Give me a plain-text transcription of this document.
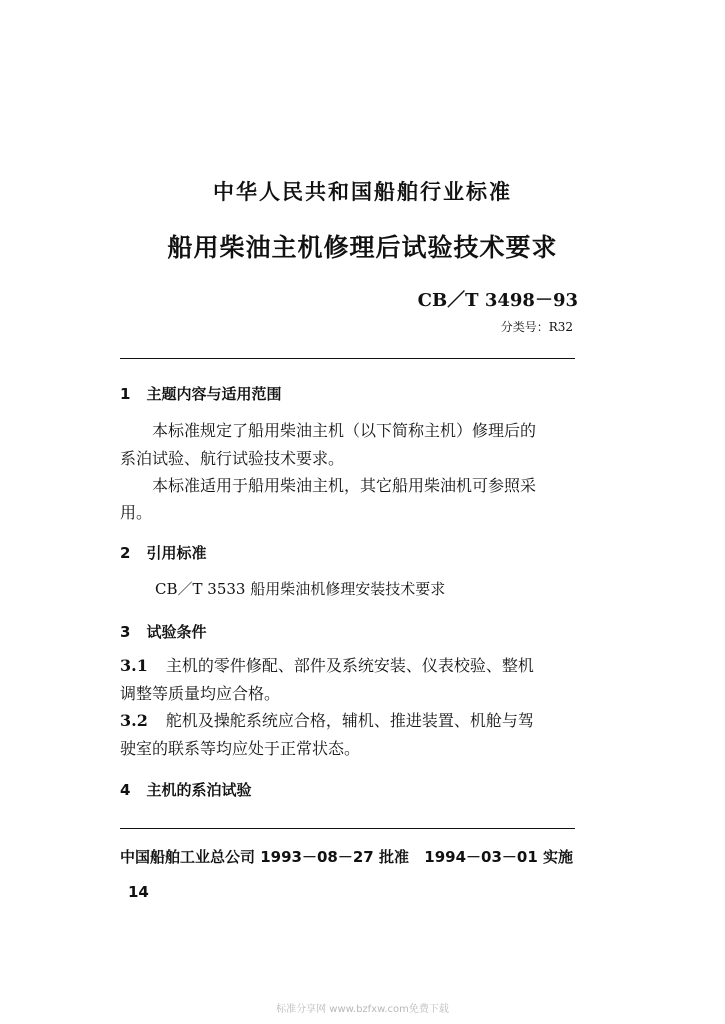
中华人民共和国船舶行业标准
船用柴油主机修理后试验技术要求
CB／T 3498－93
分类号：R32
1 主题内容与适用范围
本标准规定了船用柴油主机（以下简称主机）修理后的
系泊试验、航行试验技术要求。
本标准适用于船用柴油主机，其它船用柴油机可参照采
用。
2 引用标准
CB／T 3533 船用柴油机修理安装技术要求
3 试验条件
3.1 主机的零件修配、部件及系统安装、仪表校验、整机
调整等质量均应合格。
3.2 舵机及操舵系统应合格，辅机、推进装置、机舱与驾
驶室的联系等均应处于正常状态。
4 主机的系泊试验
中国船舶工业总公司 1993－08－27 批准 1994－03－01 实施
14
标准分享网 www.bzfxw.com免费下载
